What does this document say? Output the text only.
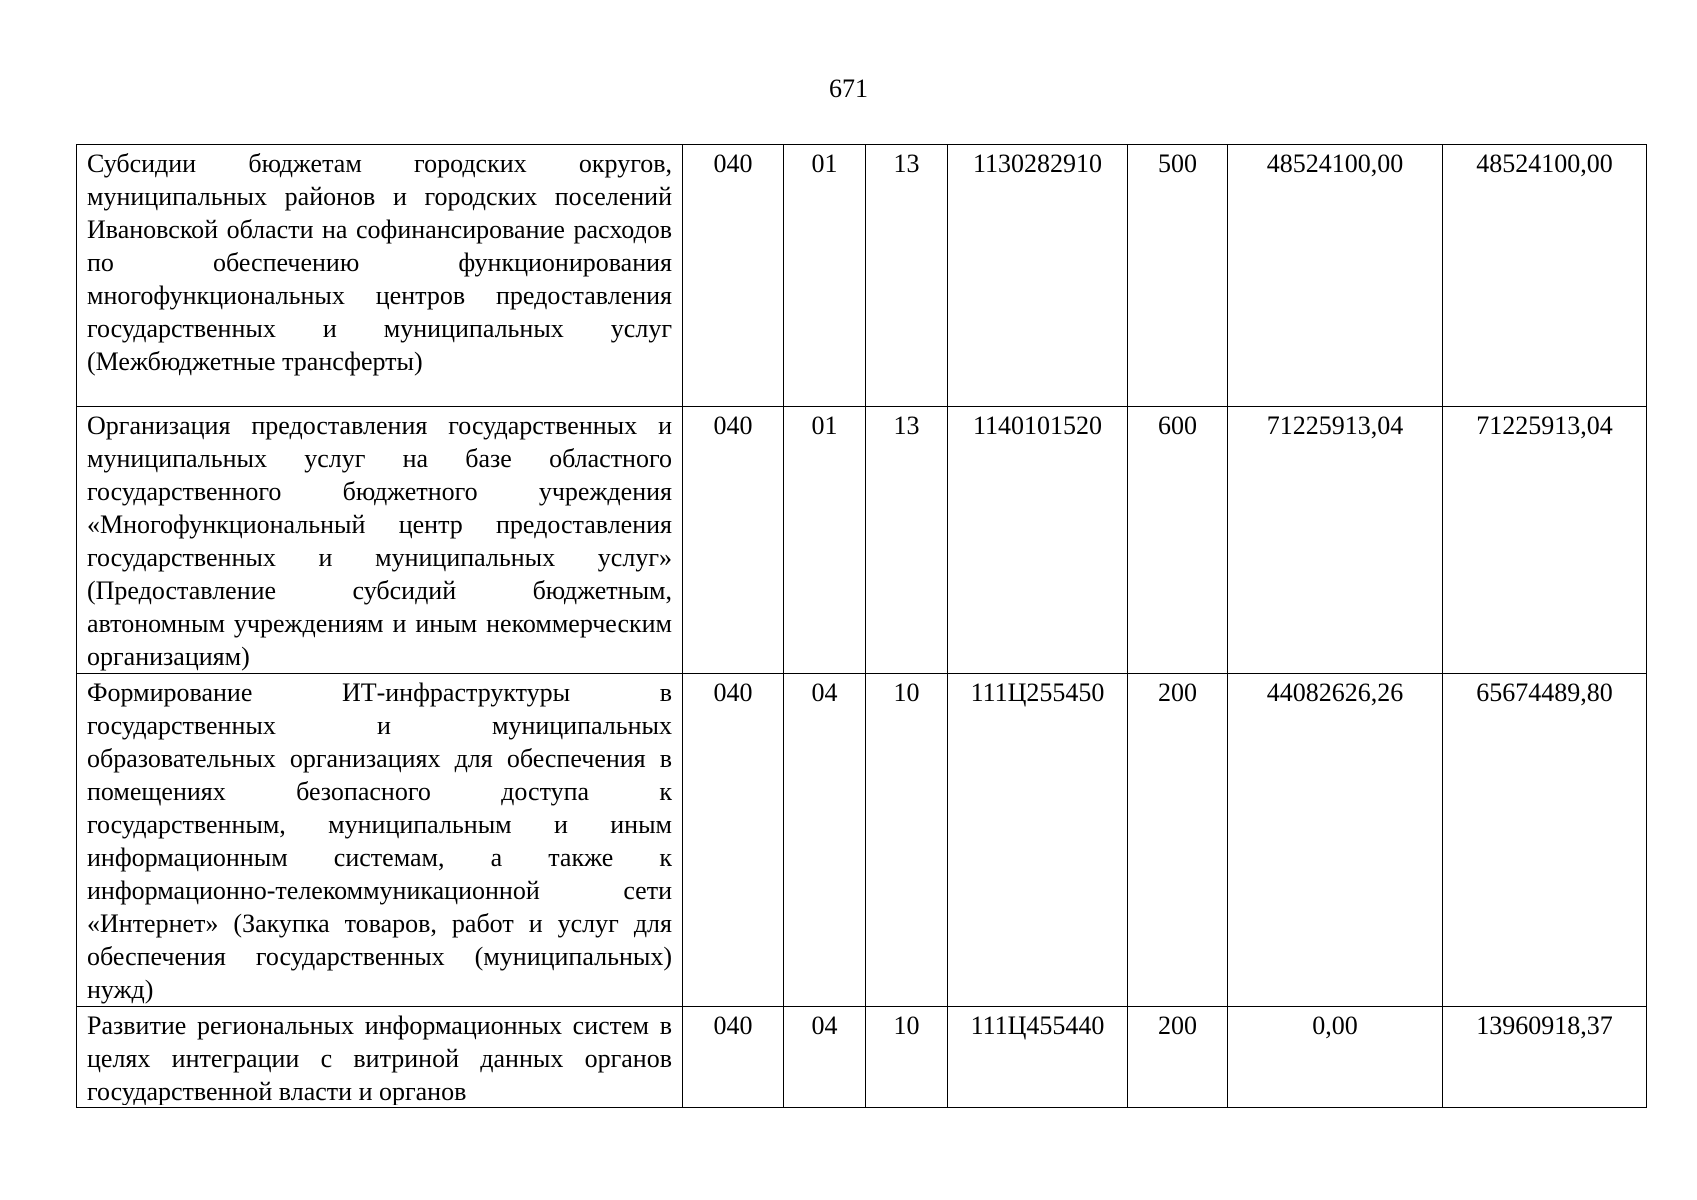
671
Субсидии бюджетам городских округов, муниципальных районов и городских поселений Ивановской области на софинансирование расходов по обеспечению функционирования многофункциональных центров предоставления государственных и муниципальных услуг (Межбюджетные трансферты)	040	01	13	1130282910	500	48524100,00	48524100,00
Организация предоставления государственных и муниципальных услуг на базе областного государственного бюджетного учреждения «Многофункциональный центр предоставления государственных и муниципальных услуг» (Предоставление субсидий бюджетным, автономным учреждениям и иным некоммерческим организациям)	040	01	13	1140101520	600	71225913,04	71225913,04
Формирование ИТ-инфраструктуры в государственных и муниципальных образовательных организациях для обеспечения в помещениях безопасного доступа к государственным, муниципальным и иным информационным системам, а также к информационно-телекоммуникационной сети «Интернет» (Закупка товаров, работ и услуг для обеспечения государственных (муниципальных) нужд)	040	04	10	111Ц255450	200	44082626,26	65674489,80

Развитие региональных информационных систем в целях интеграции с витриной данных органов государственной власти и органов	040	04	10	111Ц455440	200	0,00	13960918,37
